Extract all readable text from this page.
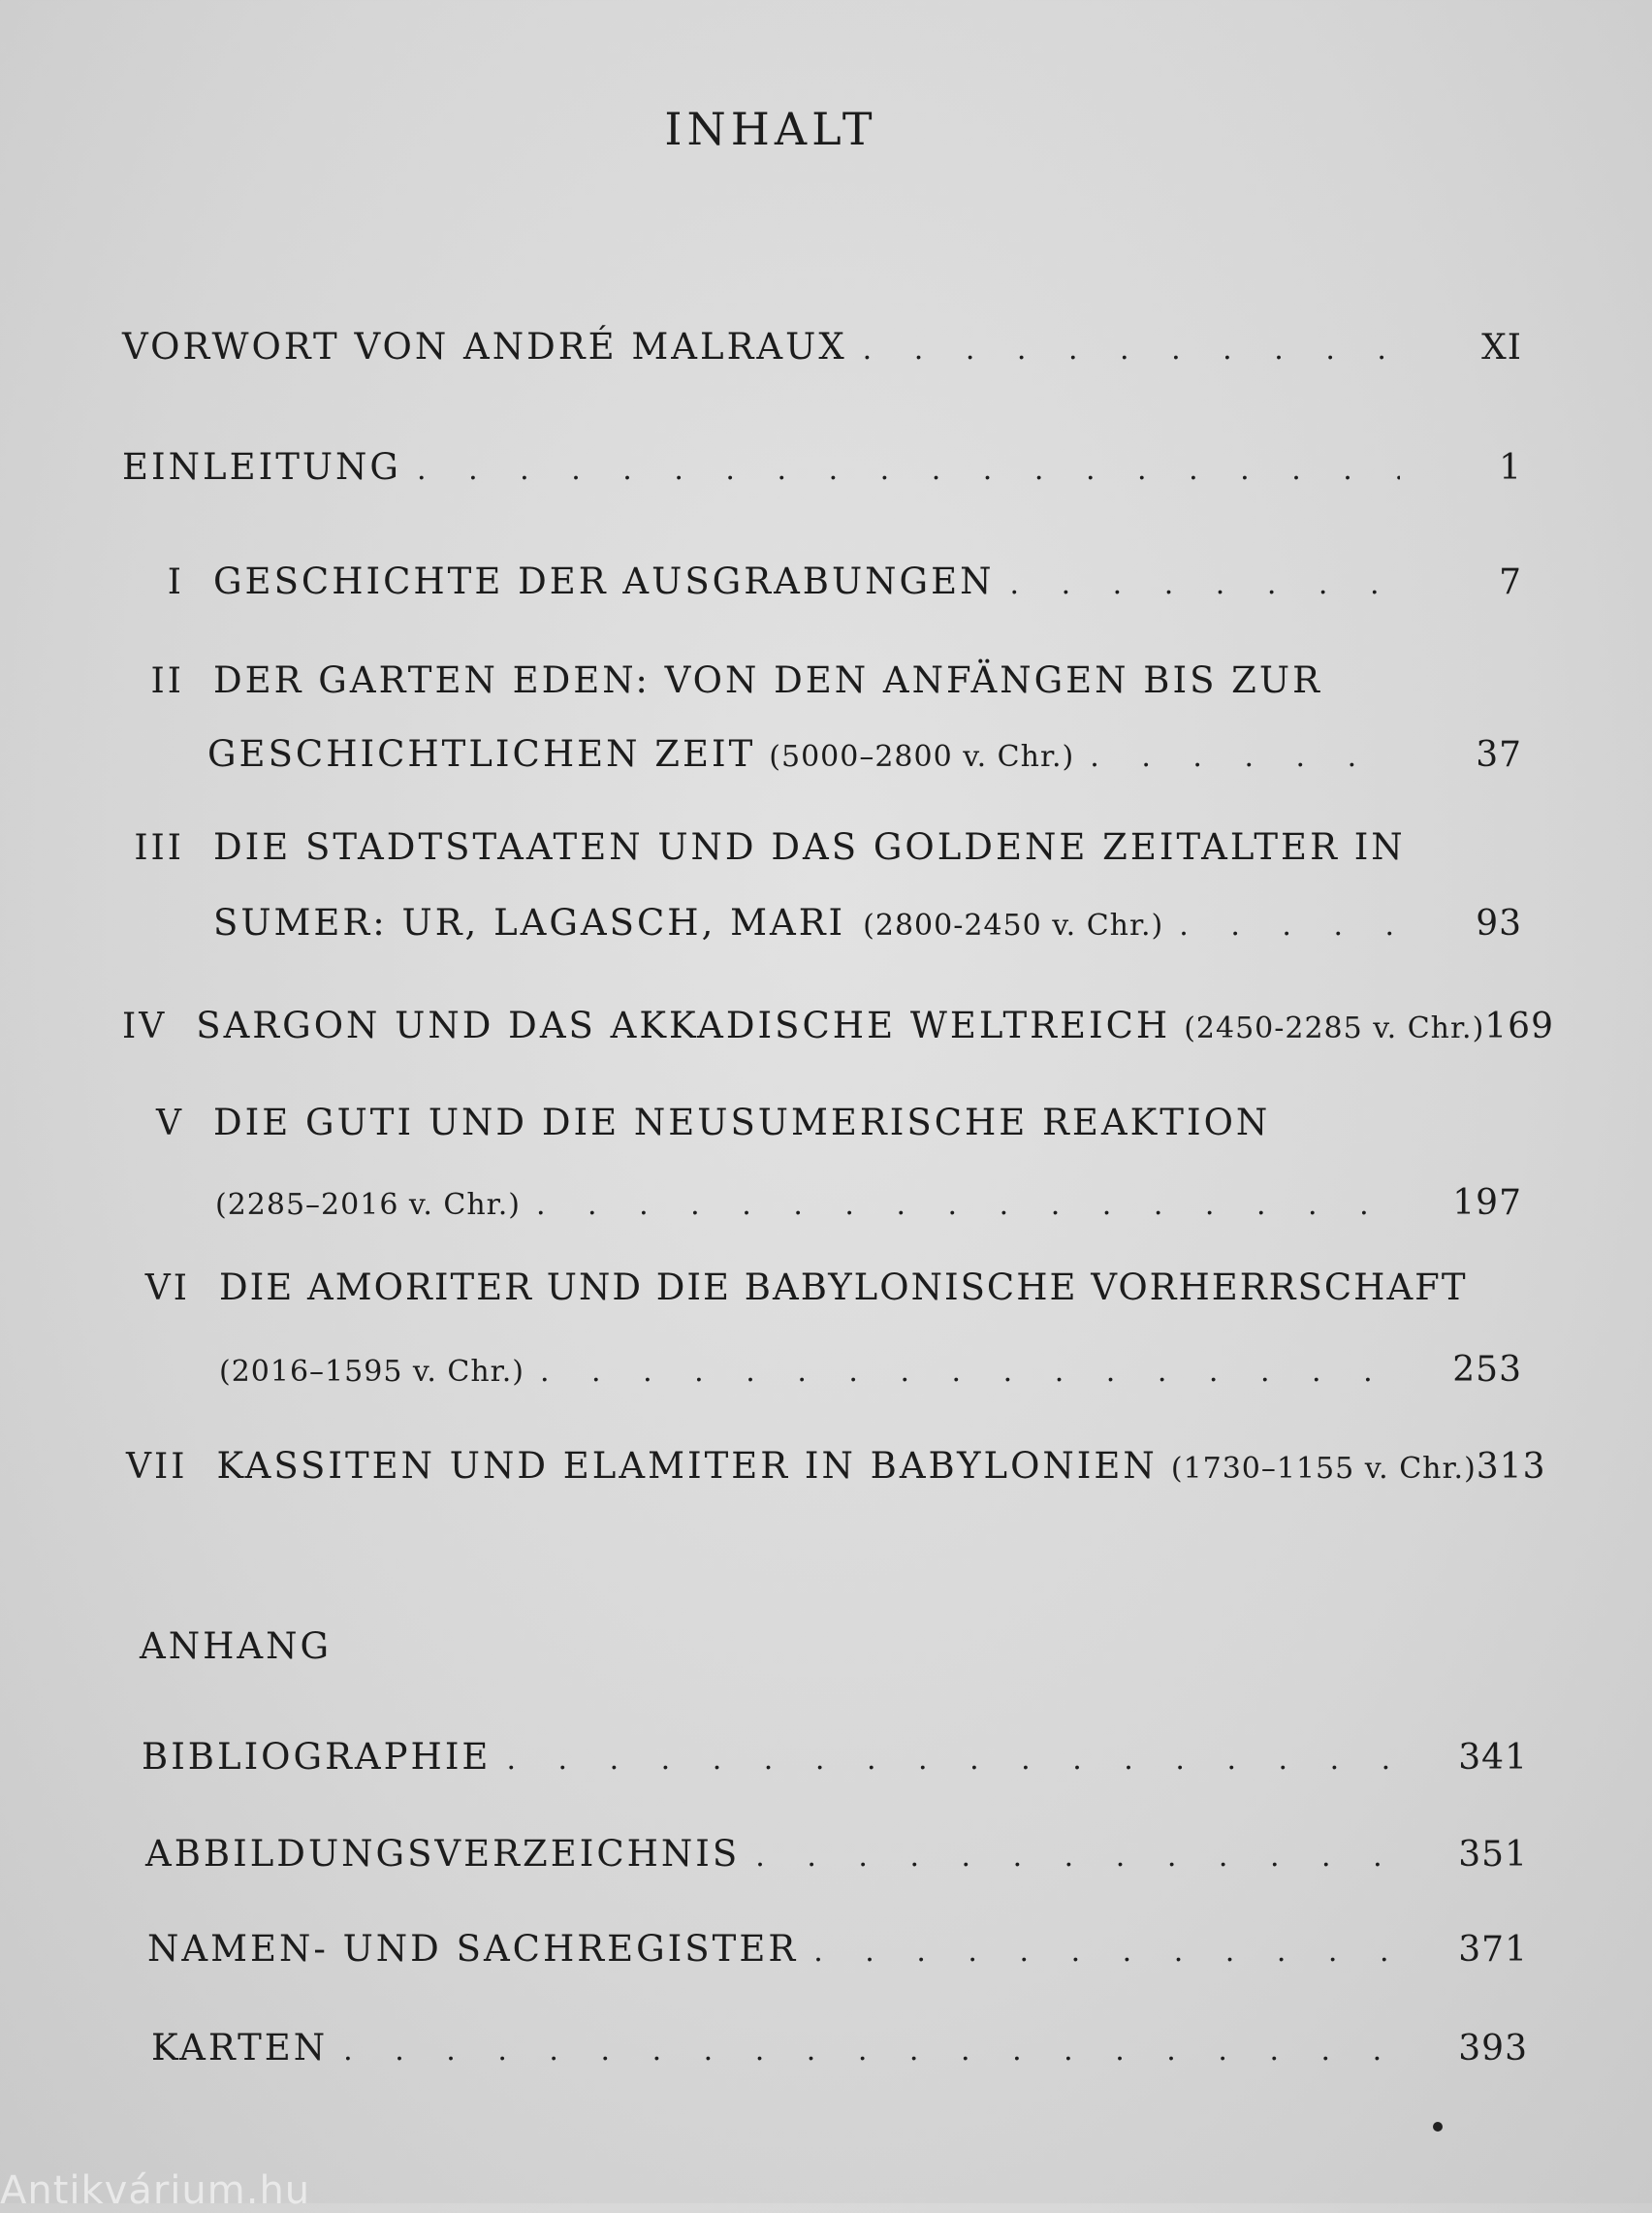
INHALT
VORWORT VON ANDRÉ MALRAUX . . .	XI
EINLEITUNG . . .	1
I GESCHICHTE DER AUSGRABUNGEN . . .	7
II DER GARTEN EDEN: VON DEN ANFÄNGEN BIS ZUR
GESCHICHTLICHEN ZEIT (5000–2800 v. Chr.) . . .	37
III DIE STADTSTAATEN UND DAS GOLDENE ZEITALTER IN
SUMER: UR, LAGASCH, MARI (2800-2450 v. Chr.) . . .	93
IV SARGON UND DAS AKKADISCHE WELTREICH (2450-2285 v. Chr.) 169
V DIE GUTI UND DIE NEUSUMERISCHE REAKTION
(2285–2016 v. Chr.) . . .	197
VI DIE AMORITER UND DIE BABYLONISCHE VORHERRSCHAFT
(2016–1595 v. Chr.) . . .	253
VII KASSITEN UND ELAMITER IN BABYLONIEN (1730–1155 v. Chr.) 313
ANHANG
BIBLIOGRAPHIE . . .	341
ABBILDUNGSVERZEICHNIS . . .	351
NAMEN- UND SACHREGISTER . . .	371
KARTEN . . .	393
Antikvárium.hu
